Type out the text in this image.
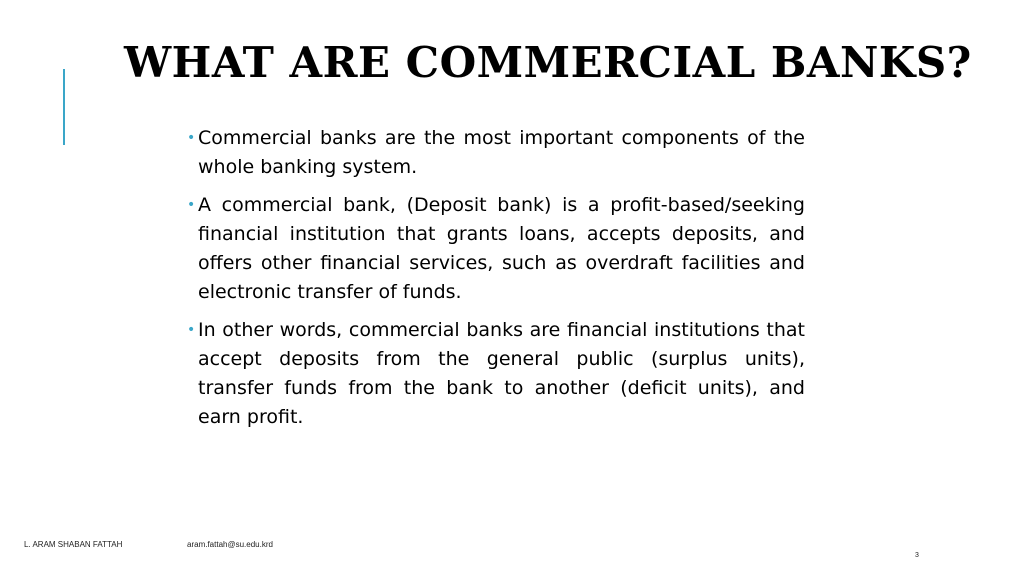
WHAT ARE COMMERCIAL BANKS?
• Commercial banks are the most important components of the whole banking system.
• A commercial bank, (Deposit bank) is a profit-based/seeking financial institution that grants loans, accepts deposits, and offers other financial services, such as overdraft facilities and electronic transfer of funds.
• In other words, commercial banks are financial institutions that accept deposits from the general public (surplus units), transfer funds from the bank to another (deficit units), and earn profit.
L. ARAM SHABAN FATTAH	aram.fattah@su.edu.krd
3
